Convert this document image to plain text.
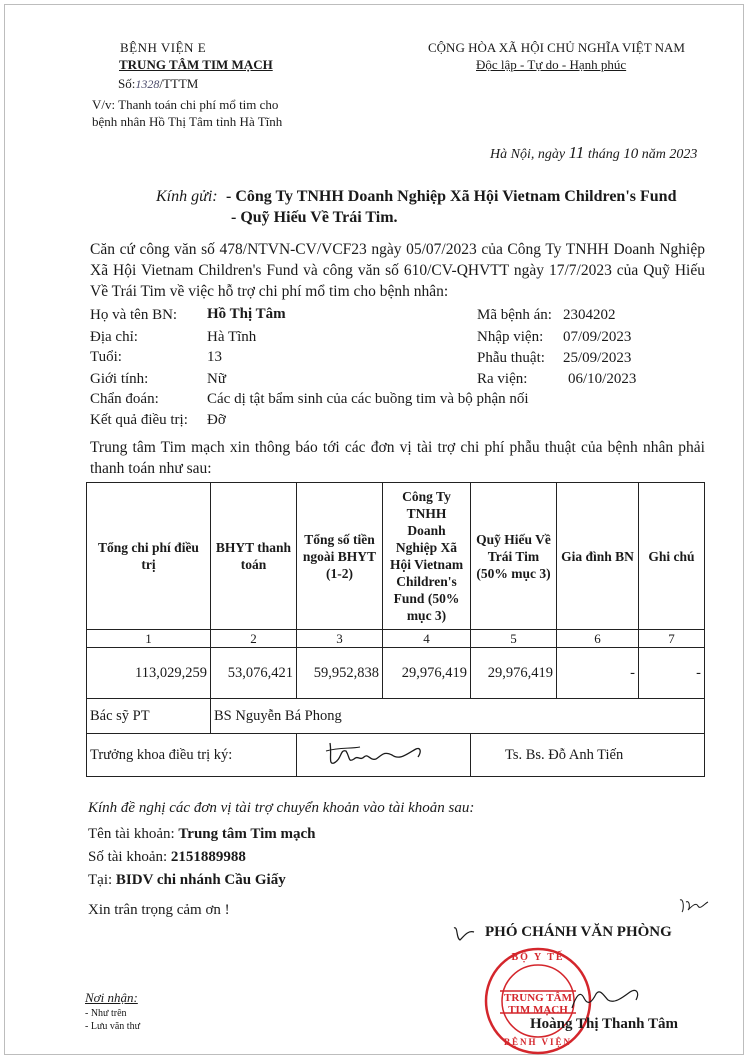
BỆNH VIỆN E
TRUNG TÂM TIM MẠCH
Số:1328/TTTM
V/v: Thanh toán chi phí mổ tim cho
bệnh nhân Hồ Thị Tâm tỉnh Hà Tĩnh
CỘNG HÒA XÃ HỘI CHỦ NGHĨA VIỆT NAM
Độc lập - Tự do - Hạnh phúc
Hà Nội, ngày 11 tháng 10 năm 2023
Kính gửi: - Công Ty TNHH Doanh Nghiệp Xã Hội Vietnam Children's Fund
- Quỹ Hiếu Về Trái Tim.
Căn cứ công văn số 478/NTVN-CV/VCF23 ngày 05/07/2023 của Công Ty TNHH Doanh Nghiệp Xã Hội Vietnam Children's Fund và công văn số 610/CV-QHVTT ngày 17/7/2023 của Quỹ Hiếu Về Trái Tim về việc hỗ trợ chi phí mổ tim cho bệnh nhân:
Họ và tên BN: Hồ Thị Tâm
Địa chỉ:	Hà Tĩnh
Tuổi:	13
Giới tính:	Nữ
Chẩn đoán:	Các dị tật bẩm sinh của các buồng tim và bộ phận nối
Kết quả điều trị: Đỡ
Mã bệnh án: 2304202
Nhập viện: 07/09/2023
Phẫu thuật: 25/09/2023
Ra viện:	06/10/2023
Trung tâm Tim mạch xin thông báo tới các đơn vị tài trợ chi phí phẫu thuật của bệnh nhân phải thanh toán như sau:
Tổng chi phí điều trị	BHYT thanh toán	Tổng số tiền ngoài BHYT (1-2)	Công Ty TNHH Doanh Nghiệp Xã Hội Vietnam Children's Fund (50% mục 3)	Quỹ Hiếu Về Trái Tim (50% mục 3)	Gia đình BN	Ghi chú
1	2	3	4	5	6	7
113,029,259	53,076,421	59,952,838	29,976,419	29,976,419	-	-
Bác sỹ PT	BS Nguyễn Bá Phong					
Trưởng khoa điều trị ký:				Ts. Bs. Đỗ Anh Tiến		
Kính đề nghị các đơn vị tài trợ chuyển khoản vào tài khoản sau:
Tên tài khoản: Trung tâm Tim mạch
Số tài khoản: 2151889988
Tại: BIDV chi nhánh Cầu Giấy
Xin trân trọng cảm ơn !
Nơi nhận:
- Như trên
- Lưu văn thư
PHÓ CHÁNH VĂN PHÒNG
BỘ Y TẾ
TRUNG TÂM
TIM MẠCH
BỆNH VIỆN
Hoàng Thị Thanh Tâm
